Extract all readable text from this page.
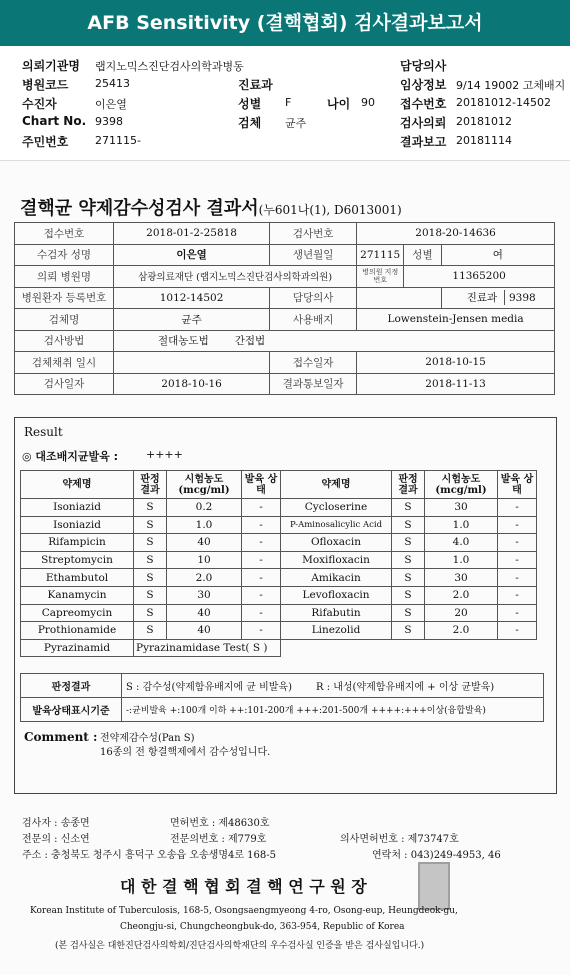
AFB Sensitivity (결핵협회) 검사결과보고서
의뢰기관명 랩지노믹스진단검사의학과병동
병원코드 25413
수진자	이은열
Chart No. 9398
주민번호 271115-
진료과
성별 F	나이 90
검체 균주
담당의사
임상정보 9/14 19002 고체배지
접수번호 20181012-14502
검사의뢰 20181012
결과보고 20181114
결핵균 약제감수성검사 결과서(누601나(1), D6013001)
접수번호	2018-01-2-25818	검사번호	2018-20-14636		
수검자 성명	이은열	생년월일	271115	성별	여
의뢰 병원명	삼광의료재단 (랩지노믹스진단검사의학과의원)		병의원 지정번호	11365200	
병원환자 등록번호	1012-14502	담당의사			진료과 9398
검체명	균주	사용배지	Lowenstein-Jensen media		
검사방법	절대농도법 간접법				
검체채취 일시		접수일자	2018-10-15		
검사일자	2018-10-16	결과통보일자	2018-11-13		
Result
◎ 대조배지균발육 :	++++
약제명	판정 결과	시험농도 (mcg/ml)	발육 상태	약제명	판정 결과	시험농도 (mcg/ml)	발육 상태
Isoniazid	S	0.2	-	Cycloserine	S	30	-
Isoniazid	S	1.0	-	P-Aminosalicylic Acid	S	1.0	-
Rifampicin	S	40	-	Ofloxacin	S	4.0	-
Streptomycin	S	10	-	Moxifloxacin	S	1.0	-
Ethambutol	S	2.0	-	Amikacin	S	30	-
Kanamycin	S	30	-	Levofloxacin	S	2.0	-
Capreomycin	S	40	-	Rifabutin	S	20	-
Prothionamide	S	40	-	Linezolid	S	2.0	-
Pyrazinamid	Pyrazinamidase Test( S )						
판정결과	S : 감수성(약제함유배지에 균 비발육) R : 내성(약제함유배지에 + 이상 균발육)
발육상태표시기준	-:균비발육 +:100개 이하 ++:101-200개 +++:201-500개 ++++:+++이상(융합발육)
Comment : 전약제감수성(Pan S)
16종의 전 항결핵제에서 감수성입니다.
검사자 : 송종면	면허번호 : 제48630호
전문의 : 신소연	전문의번호 : 제779호	의사면허번호 : 제73747호
주소 : 충청북도 청주시 흥덕구 오송읍 오송생명4로 168-5	연락처 : 043)249-4953, 46
대 한 결 핵 협 회 결 핵 연 구 원 장
Korean Institute of Tuberculosis, 168-5, Osongsaengmyeong 4-ro, Osong-eup, Heungdeok-gu,
Cheongju-si, Chungcheongbuk-do, 363-954, Republic of Korea
(본 검사실은 대한진단검사의학회/진단검사의학재단의 우수검사실 인증을 받은 검사실입니다.)
